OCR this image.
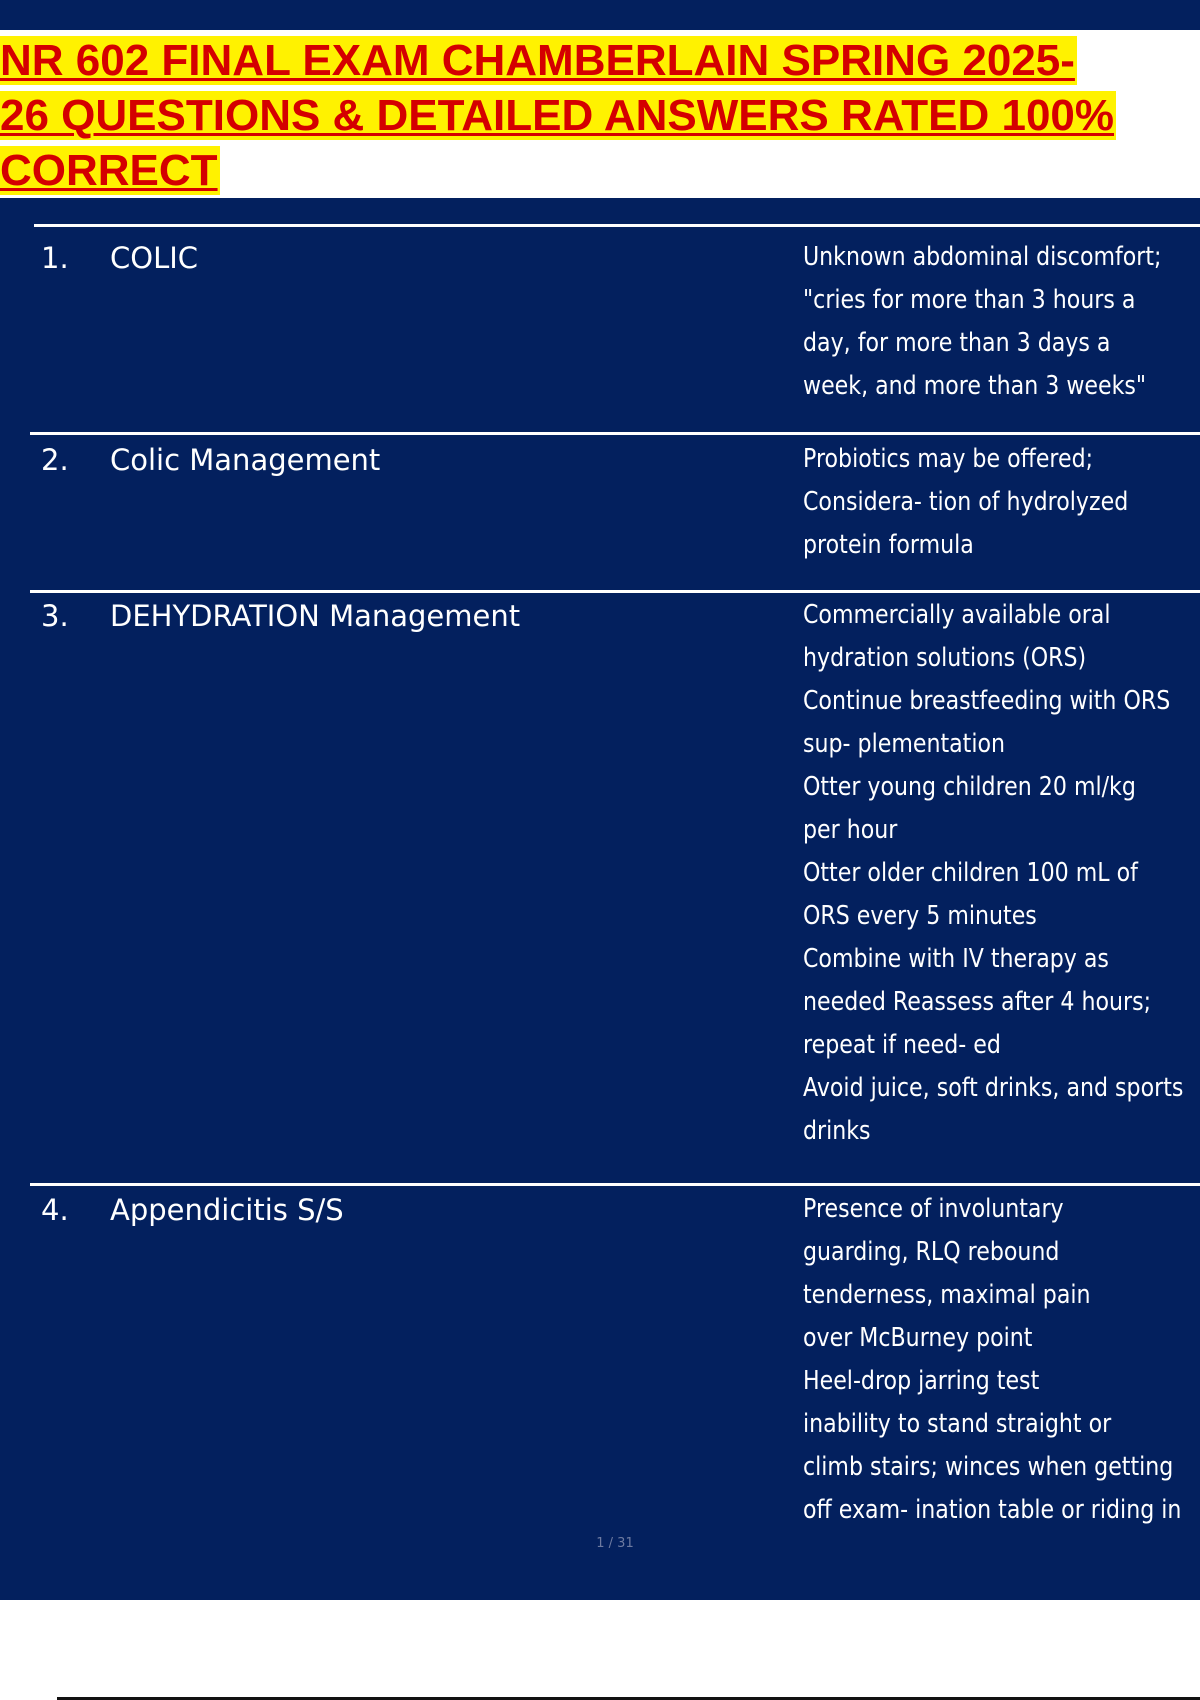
NR 602 FINAL EXAM CHAMBERLAIN SPRING 2025-
26 QUESTIONS & DETAILED ANSWERS RATED 100%
CORRECT
1. COLIC	Unknown abdominal discomfort;
"cries for more than 3 hours a
day, for more than 3 days a
week, and more than 3 weeks"
2. Colic Management	Probiotics may be offered;
Considera- tion of hydrolyzed
protein formula
3. DEHYDRATION Management	Commercially available oral
hydration solutions (ORS)
Continue breastfeeding with ORS
sup- plementation
Otter young children 20 ml/kg
per hour
Otter older children 100 mL of
ORS every 5 minutes
Combine with IV therapy as
needed Reassess after 4 hours;
repeat if need- ed
Avoid juice, soft drinks, and sports
drinks
4. Appendicitis S/S	Presence of involuntary
guarding, RLQ rebound
tenderness, maximal pain
over McBurney point
Heel-drop jarring test
inability to stand straight or
climb stairs; winces when getting
off exam- ination table or riding in
1 / 31
